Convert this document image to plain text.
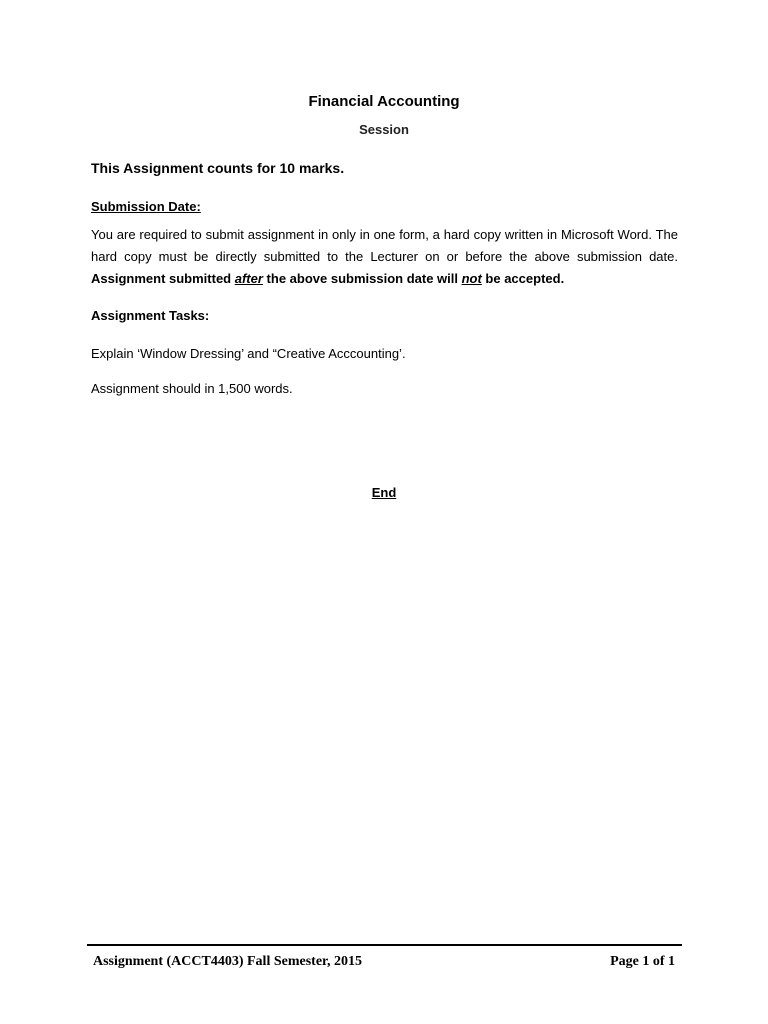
Financial Accounting
Session
This Assignment counts for 10 marks.
Submission Date:
You are required to submit assignment in only in one form, a hard copy written in Microsoft Word. The hard copy must be directly submitted to the Lecturer on or before the above submission date. Assignment submitted after the above submission date will not be accepted.
Assignment Tasks:
Explain ‘Window Dressing’ and “Creative Acccounting’.
Assignment should in 1,500 words.
End
Assignment (ACCT4403) Fall Semester, 2015	Page 1 of 1
